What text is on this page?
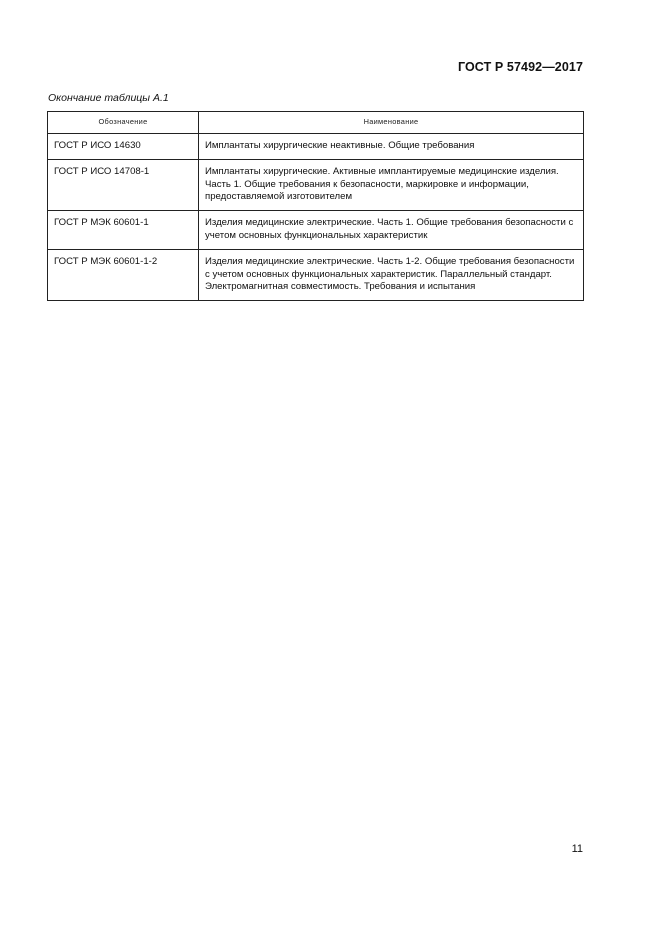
ГОСТ Р 57492—2017
Окончание таблицы А.1
Обозначение	Наименование
ГОСТ Р ИСО 14630	Имплантаты хирургические неактивные. Общие требования
ГОСТ Р ИСО 14708-1	Имплантаты хирургические. Активные имплантируемые медицинские изделия. Часть 1. Общие требования к безопасности, маркировке и информации, предоставляемой изготовителем
ГОСТ Р МЭК 60601-1	Изделия медицинские электрические. Часть 1. Общие требования безопасности с учетом основных функциональных характеристик
ГОСТ Р МЭК 60601-1-2	Изделия медицинские электрические. Часть 1-2. Общие требования безопасности с учетом основных функциональных характеристик. Параллельный стандарт. Электромагнитная совместимость. Требования и испытания
11
